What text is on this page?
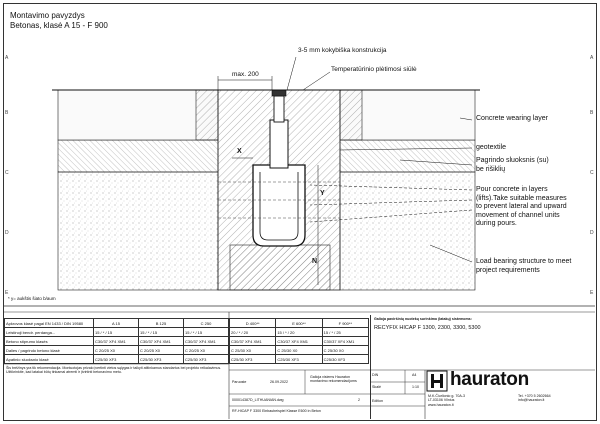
A
B
C
D
E
A
B
C
D
E
Montavimo pavyzdys
Betonas, klasė A 15 - F 900
3-5 mm kokybiška konstrukcija
max. 200
Temperatūrinio plėtimosi siūlė
Concrete wearing layer
geotextile
Pagrindo sluoksnis (su)
be rišiklių
Pour concrete in layers
(lifts).Take suitable measures
to prevent lateral and upward
movement of channel units
during pours.
Load bearing structure to meet
project requirements
X
Y
N
* y= aukštis šiato b/aum
Apkrovos klasė pagal EN 1433 / DIN 19580	A 15	B 125	C 250
Leistinoji bendr. perdanga...	15 / * / 15	15 / * / 15	15 / * / 15
Betono stiprumo klasės	C30/37 XF4 XM1	C30/37 XF4 XM1	C30/37 XF4 XM1
Dalies / pagrindo betono klasė	C 20/25 X0	C 20/25 X0	C 20/25 X0
Apatinio sluoksnio klasė	C25/30 XF3	C25/30 XF3	C25/30 XF3
D 400**	E 600**	F 900**
20 / * / 20	15 / * / 20	15 / * / 25
C30/37 XF4 XM1	C30/37 XF4 XM1	C30/37 XF4 XM1
C 25/30 X0	C 25/30 X0	C 25/30 X0
C25/30 XF3	C25/30 XF3	C25/30 XF3
Šis brėžinys yra tik rekomendacija. Montuotojas privalo įvertinti vietos sąlygas ir taikyti atitinkamus standartus bei projekto reikalavimus. Užtikrinkite, kad latakai būtų tinkamai atremti ir įtvirtinti betonavimo metu.
Galioja paviršinių nuotekų surinkimo (latakų) sistemoms:
RECYFIX HICAP F 1300, 2300, 3300, 5300
Paruoste	26.09.2022
Galioja visiems Hauraton
montavimo rekomendacijoms
000014387D_LITHUANIAN.dwg	2
RF-HICAP F 3300 Einbaubeispiel Klasse E600 in Beton
DIN	A4
Skalė	1:10
Edition
hauraton
M.K.Čiurlionio g. 70A-3
LT-03106 Vilnius
www.hauraton.lt
Tel. +370 5 2602664
info@hauraton.lt
